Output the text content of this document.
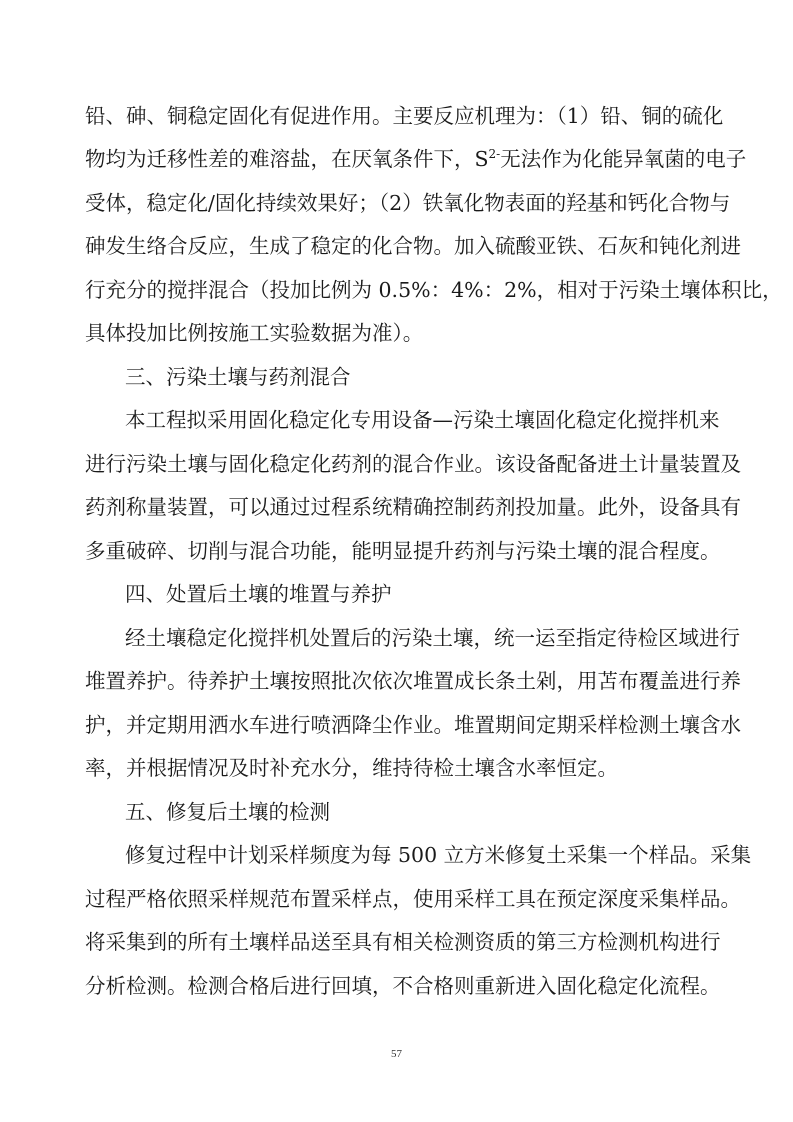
铅、砷、铜稳定固化有促进作用。主要反应机理为：（1）铅、铜的硫化
物均为迁移性差的难溶盐，在厌氧条件下，$S^{2-}$无法作为化能异氧菌的电子
受体，稳定化/固化持续效果好；（2）铁氧化物表面的羟基和钙化合物与
砷发生络合反应，生成了稳定的化合物。加入硫酸亚铁、石灰和钝化剂进
行充分的搅拌混合（投加比例为 0.5%：4%：2%，相对于污染土壤体积比，
具体投加比例按施工实验数据为准）。
三、污染土壤与药剂混合
本工程拟采用固化稳定化专用设备—污染土壤固化稳定化搅拌机来
进行污染土壤与固化稳定化药剂的混合作业。该设备配备进土计量装置及
药剂称量装置，可以通过过程系统精确控制药剂投加量。此外，设备具有
多重破碎、切削与混合功能，能明显提升药剂与污染土壤的混合程度。
四、处置后土壤的堆置与养护
经土壤稳定化搅拌机处置后的污染土壤，统一运至指定待检区域进行
堆置养护。待养护土壤按照批次依次堆置成长条土剁，用苫布覆盖进行养
护，并定期用洒水车进行喷洒降尘作业。堆置期间定期采样检测土壤含水
率，并根据情况及时补充水分，维持待检土壤含水率恒定。
五、修复后土壤的检测
修复过程中计划采样频度为每 500 立方米修复土采集一个样品。采集
过程严格依照采样规范布置采样点，使用采样工具在预定深度采集样品。
将采集到的所有土壤样品送至具有相关检测资质的第三方检测机构进行
分析检测。检测合格后进行回填，不合格则重新进入固化稳定化流程。
57
